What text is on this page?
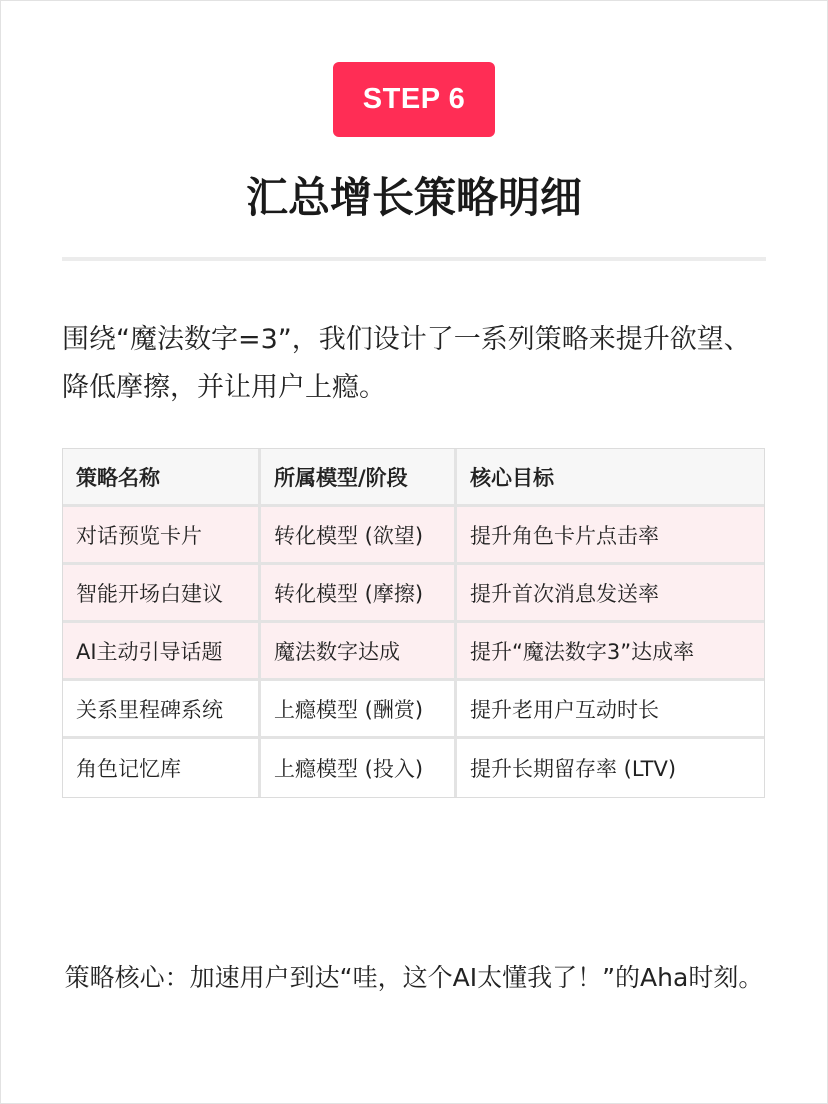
STEP 6
汇总增长策略明细

围绕“魔法数字=3”，我们设计了一系列策略来提升欲望、降低摩擦，并让用户上瘾。

策略名称	所属模型/阶段	核心目标
对话预览卡片	转化模型 (欲望)	提升角色卡片点击率
智能开场白建议	转化模型 (摩擦)	提升首次消息发送率
AI主动引导话题	魔法数字达成	提升“魔法数字3”达成率
关系里程碑系统	上瘾模型 (酬赏)	提升老用户互动时长
角色记忆库	上瘾模型 (投入)	提升长期留存率 (LTV)

策略核心：加速用户到达“哇，这个AI太懂我了！”的Aha时刻。
